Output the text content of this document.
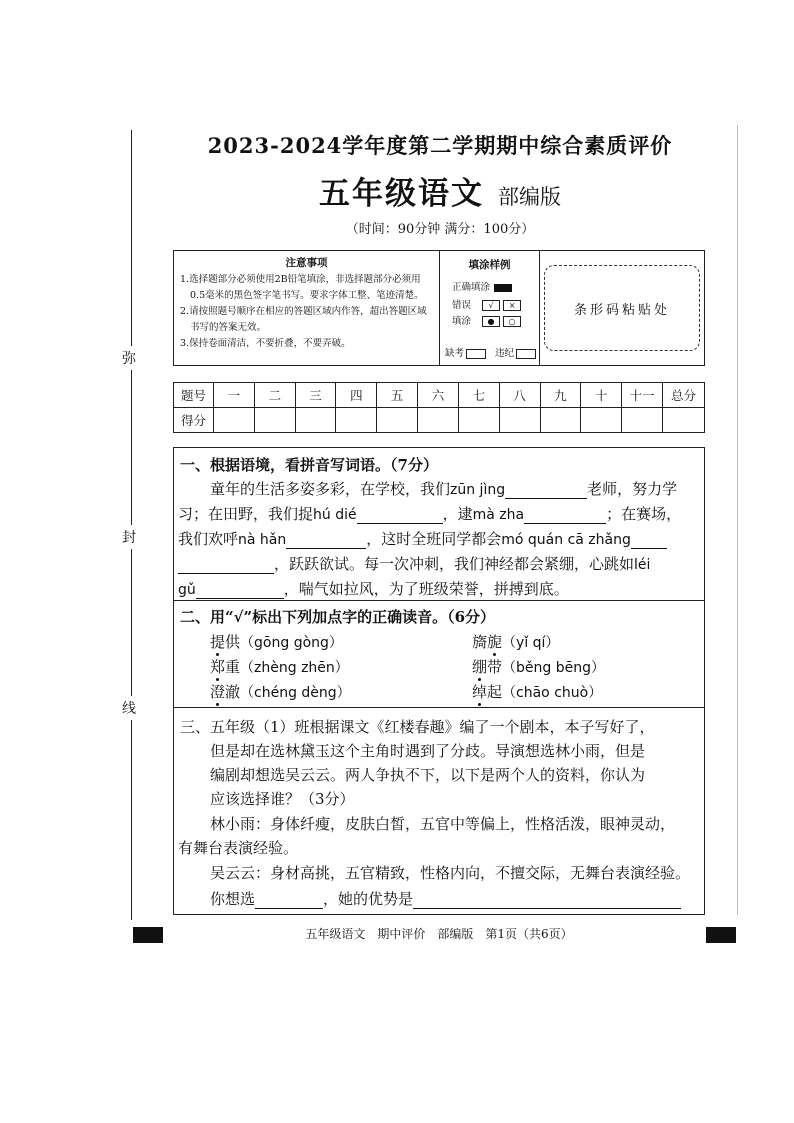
弥
封
线
2023-2024学年度第二学期期中综合素质评价
五年级语文 部编版
（时间：90分钟 满分：100分）
注意事项
1.选择题部分必须使用2B铅笔填涂，非选择题部分必须用0.5毫米的黑色签字笔书写。要求字体工整、笔迹清楚。
2.请按照题号顺序在相应的答题区域内作答，超出答题区域书写的答案无效。
3.保持卷面清洁，不要折叠，不要弄破。
填涂样例
正确填涂
错误 √ ×
填涂 ● ○
缺考	违纪
条形码粘贴处
题号	一	二	三	四	五	六	七	八	九	十	十一	总分
得分												
一、根据语境，看拼音写词语。（7分）
童年的生活多姿多彩，在学校，我们zūn jìng	老师，努力学
习；在田野，我们捉hú dié	，逮mà zha	；在赛场，
我们欢呼nà hǎn	，这时全班同学都会mó quán cā zhǎng
，跃跃欲试。每一次冲刺，我们神经都会紧绷，心跳如léi
gǔ	，喘气如拉风，为了班级荣誉，拼搏到底。
二、用“√”标出下列加点字的正确读音。（6分）
提供（gōng gòng）	旖旎（yǐ qí）
郑重（zhèng zhēn）	绷带（běng bēng）
澄澈（chéng dèng）	绰起（chāo chuò）
三、五年级（1）班根据课文《红楼春趣》编了一个剧本，本子写好了，
但是却在选林黛玉这个主角时遇到了分歧。导演想选林小雨，但是
编剧却想选吴云云。两人争执不下，以下是两个人的资料，你认为
应该选择谁？（3分）
林小雨：身体纤瘦，皮肤白皙，五官中等偏上，性格活泼，眼神灵动，
有舞台表演经验。
吴云云：身材高挑，五官精致，性格内向，不擅交际，无舞台表演经验。
你想选	，她的优势是
五年级语文　期中评价　部编版　第1页（共6页）
